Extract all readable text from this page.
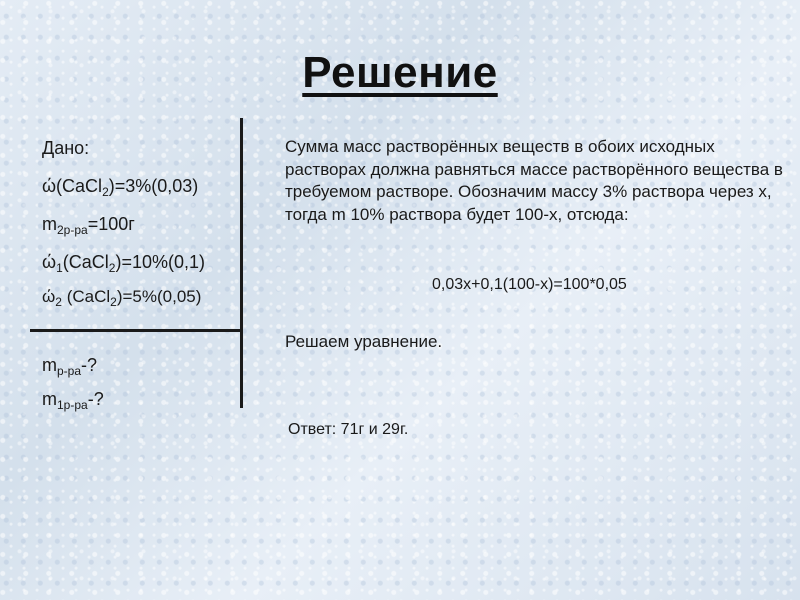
Решение
Дано:
ώ(CaCl$_2$)=3%(0,03)
$m_{2р-ра}=100г$
$ώ_1(CaCl_2)=10\%(0,1)$
$ώ_2$ (CaCl$_2$)=5%(0,05)
$m_{р-ра}-$?
$m_{1р-ра}-$?

Сумма масс растворённых веществ в обоих исходных растворах должна равняться массе растворённого вещества в требуемом растворе. Обозначим массу 3% раствора через х, тогда m 10% раствора будет 100-х, отсюда:

0,03х+0,1(100-х)=100*0,05

Решаем уравнение.

Ответ: 71г и 29г.
